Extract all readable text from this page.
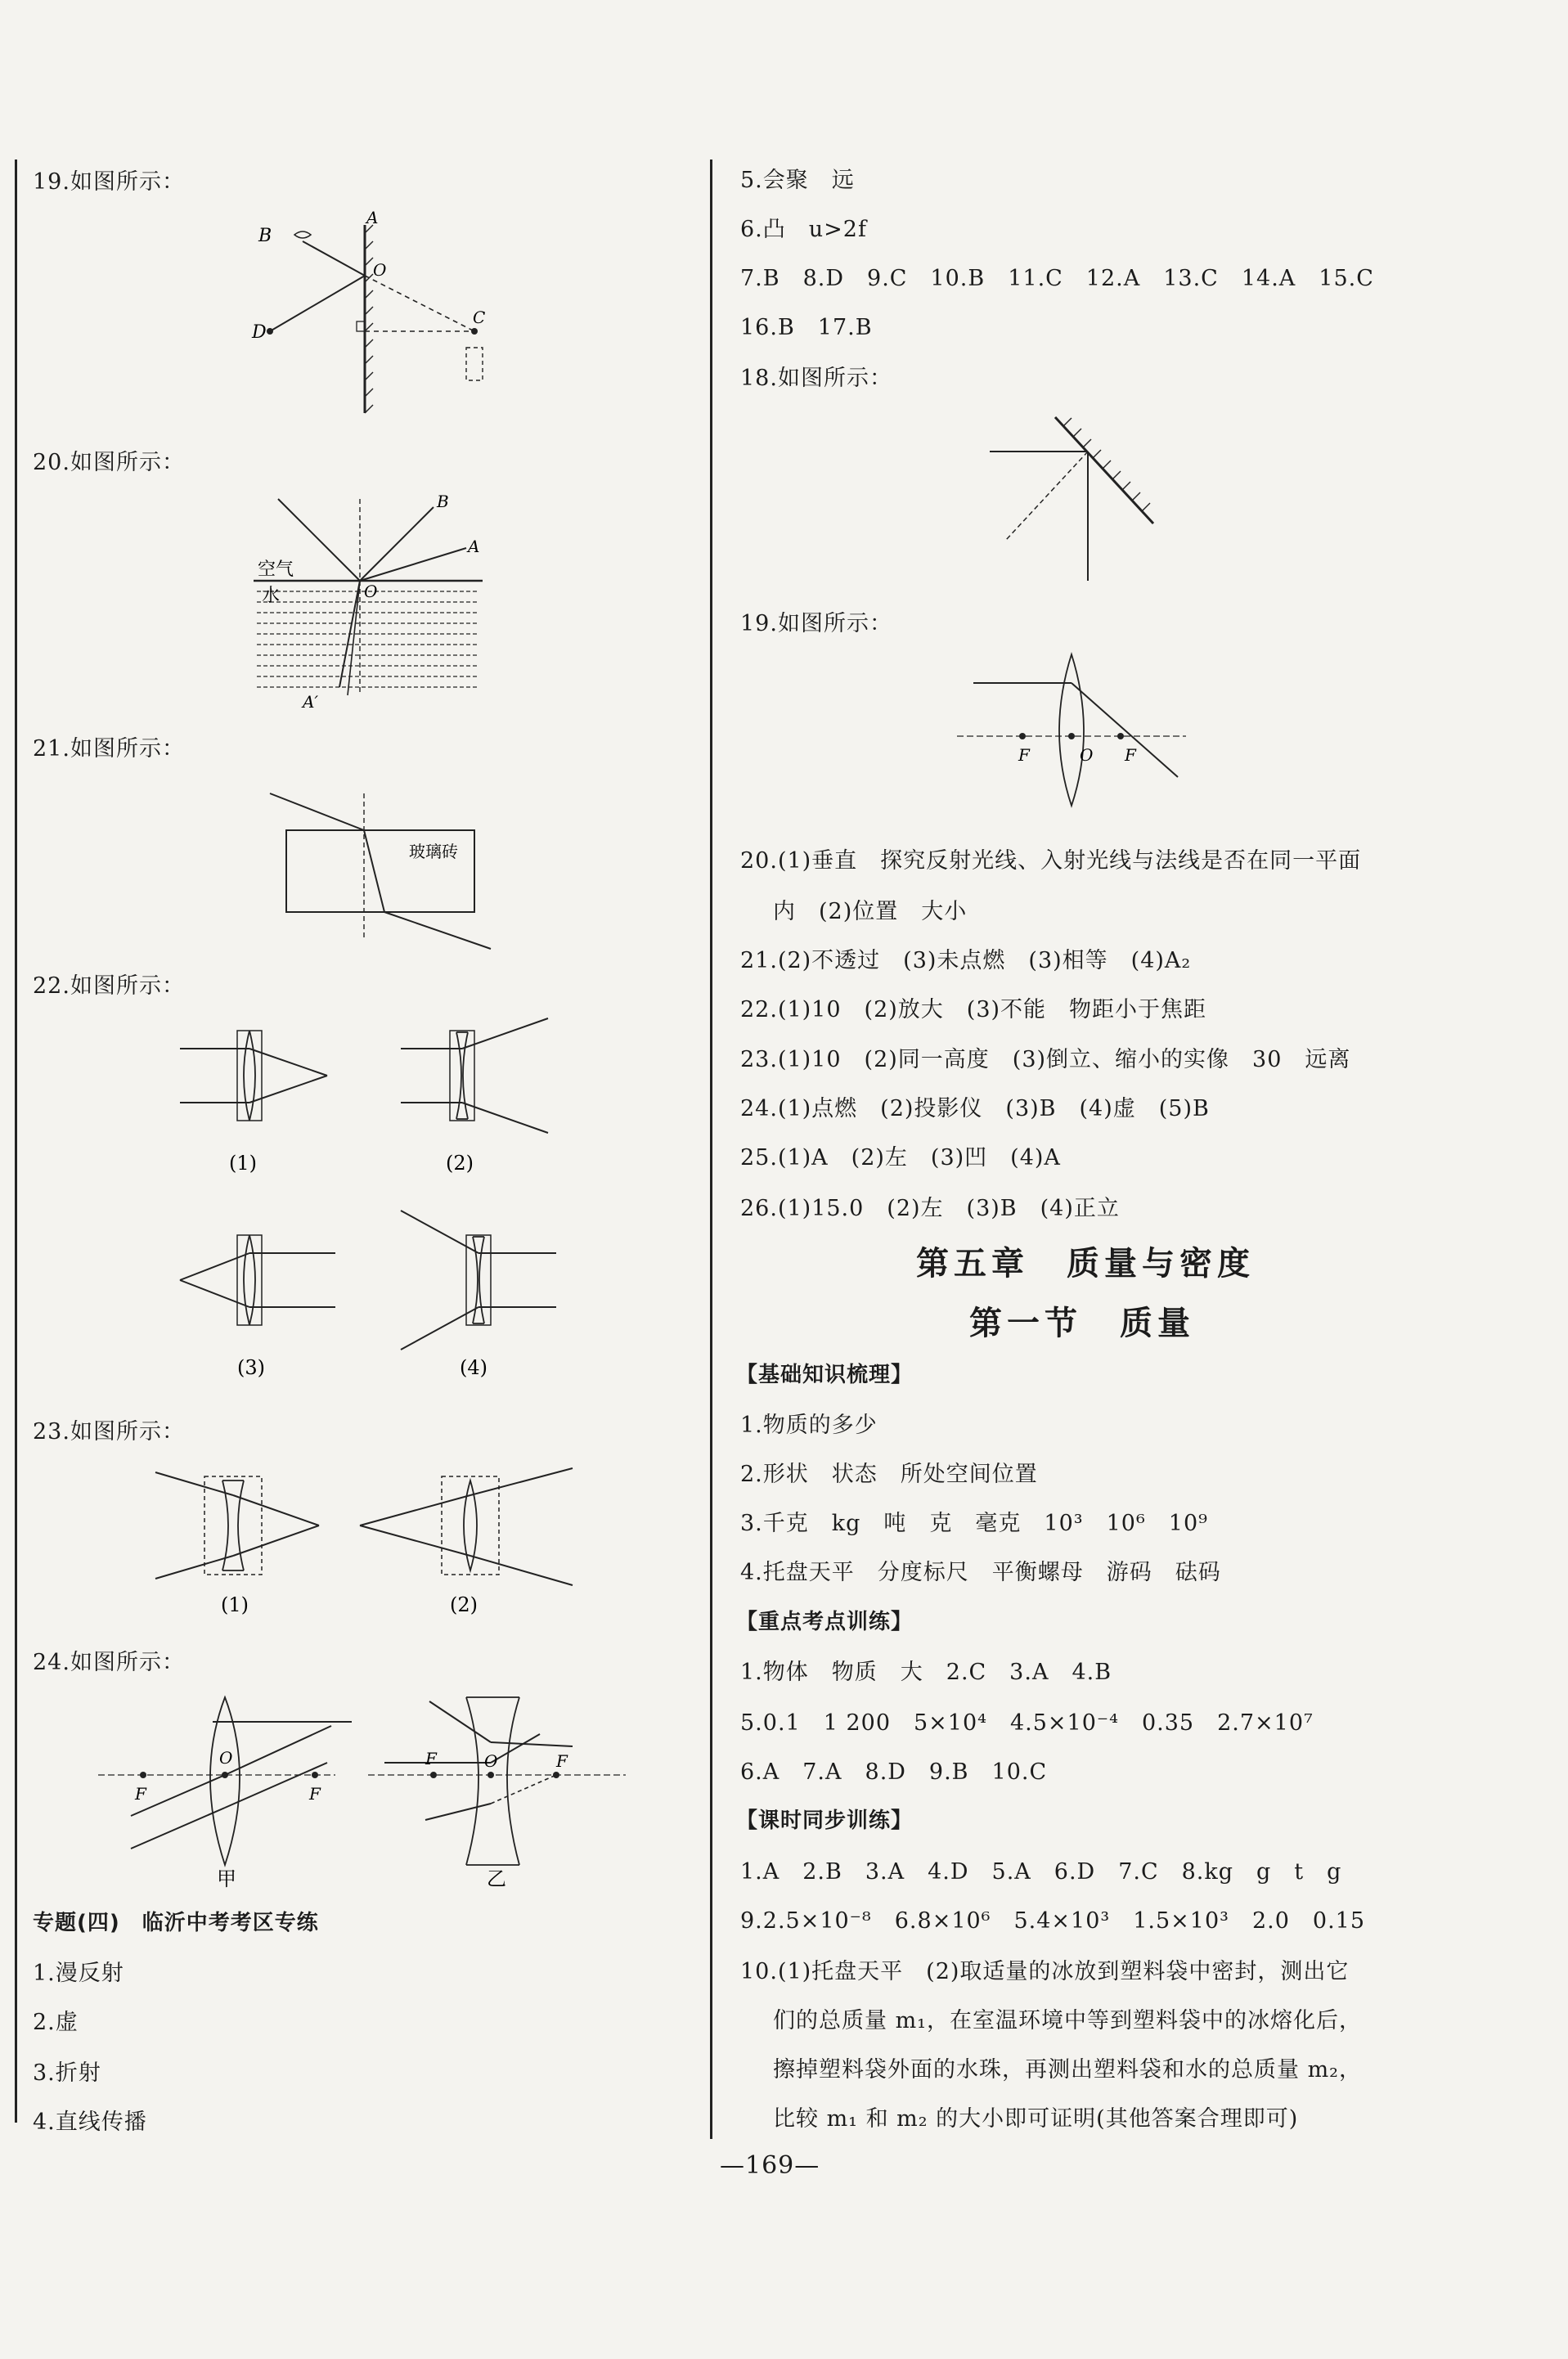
19.如图所示：
B
A
O
D
C
20.如图所示：
B
A
空气
水	O
A′
21.如图所示：
玻璃砖
22.如图所示：
(1)	(2)
(3)	(4)
23.如图所示：
(1)	(2)
24.如图所示：
F
O
F
甲
F	O	F
乙
专题(四)　临沂中考考区专练
1.漫反射
2.虚
3.折射
4.直线传播
5.会聚　远
6.凸　u>2f
7.B　8.D　9.C　10.B　11.C　12.A　13.C　14.A　15.C
16.B　17.B
18.如图所示：
19.如图所示：
F	O F
20.(1)垂直　探究反射光线、入射光线与法线是否在同一平面
内　(2)位置　大小
21.(2)不透过　(3)未点燃　(3)相等　(4)A₂
22.(1)10　(2)放大　(3)不能　物距小于焦距
23.(1)10　(2)同一高度　(3)倒立、缩小的实像　30　远离
24.(1)点燃　(2)投影仪　(3)B　(4)虚　(5)B
25.(1)A　(2)左　(3)凹　(4)A
26.(1)15.0　(2)左　(3)B　(4)正立
第五章　质量与密度
第一节　质量
【基础知识梳理】
1.物质的多少
2.形状　状态　所处空间位置
3.千克　kg　吨　克　毫克　10³　10⁶　10⁹
4.托盘天平　分度标尺　平衡螺母　游码　砝码
【重点考点训练】
1.物体　物质　大　2.C　3.A　4.B
5.0.1　1 200　5×10⁴　4.5×10⁻⁴　0.35　2.7×10⁷
6.A　7.A　8.D　9.B　10.C
【课时同步训练】
1.A　2.B　3.A　4.D　5.A　6.D　7.C　8.kg　g　t　g
9.2.5×10⁻⁸　6.8×10⁶　5.4×10³　1.5×10³　2.0　0.15
10.(1)托盘天平　(2)取适量的冰放到塑料袋中密封，测出它
们的总质量 m₁，在室温环境中等到塑料袋中的冰熔化后，
擦掉塑料袋外面的水珠，再测出塑料袋和水的总质量 m₂，
比较 m₁ 和 m₂ 的大小即可证明(其他答案合理即可)
—169—
